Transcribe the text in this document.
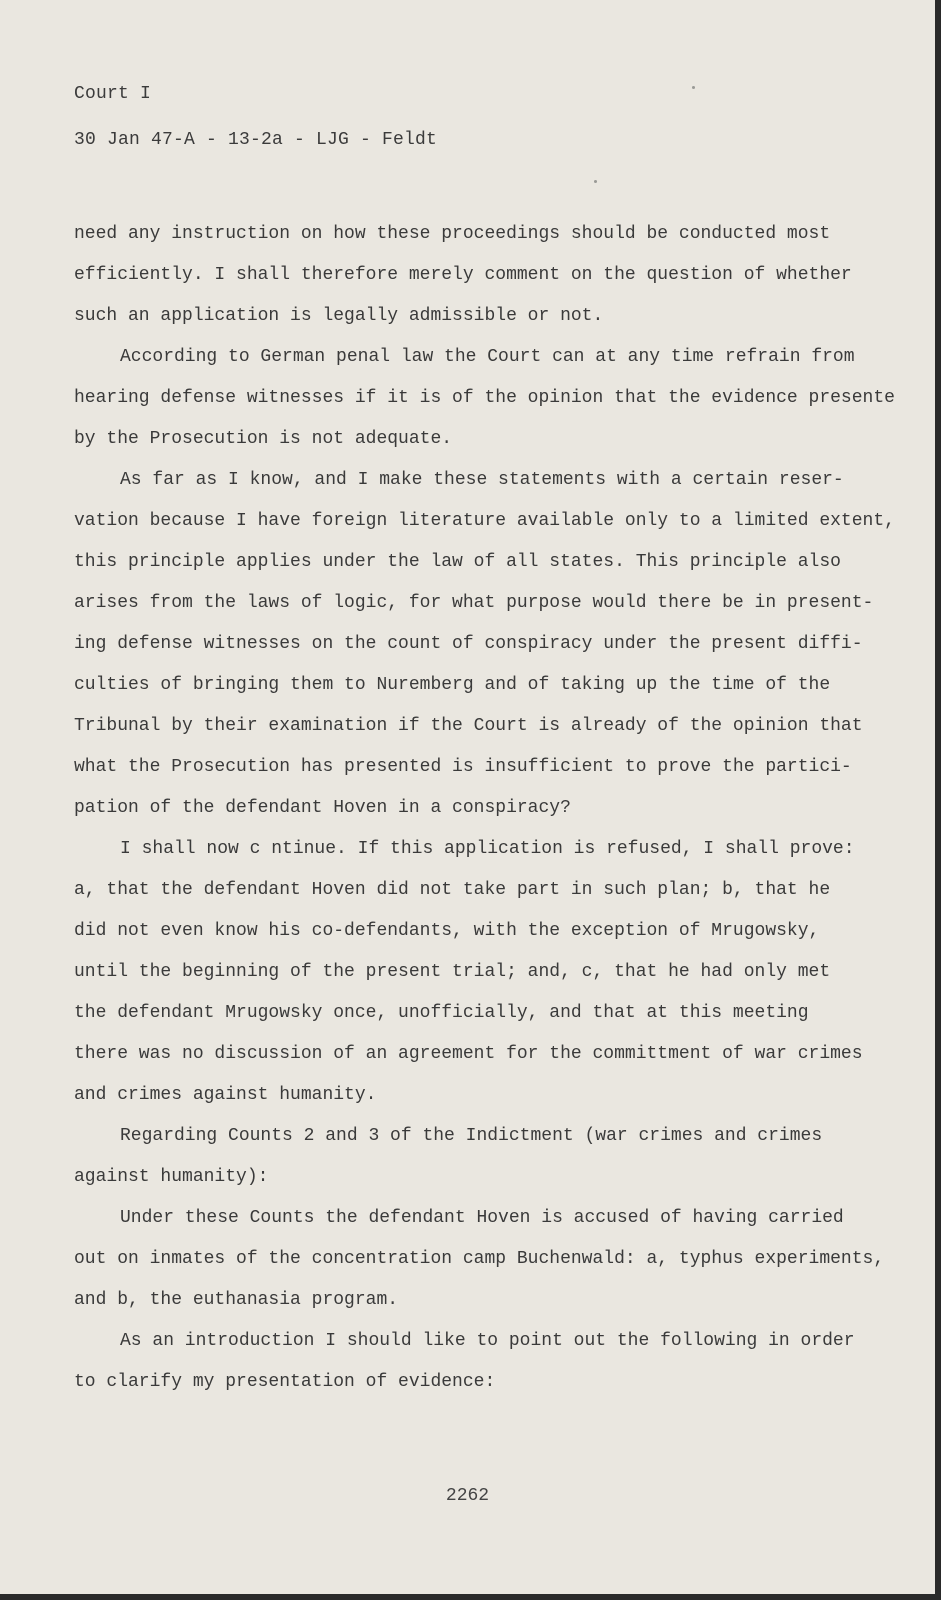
Court I
30 Jan 47-A - 13-2a - LJG - Feldt
need any instruction on how these proceedings should be conducted most
efficiently. I shall therefore merely comment on the question of whether
such an application is legally admissible or not.
According to German penal law the Court can at any time refrain from
hearing defense witnesses if it is of the opinion that the evidence presente
by the Prosecution is not adequate.
As far as I know, and I make these statements with a certain reser-
vation because I have foreign literature available only to a limited extent,
this principle applies under the law of all states. This principle also
arises from the laws of logic, for what purpose would there be in present-
ing defense witnesses on the count of conspiracy under the present diffi-
culties of bringing them to Nuremberg and of taking up the time of the
Tribunal by their examination if the Court is already of the opinion that
what the Prosecution has presented is insufficient to prove the partici-
pation of the defendant Hoven in a conspiracy?
I shall now c ntinue. If this application is refused, I shall prove:
a, that the defendant Hoven did not take part in such plan; b, that he
did not even know his co-defendants, with the exception of Mrugowsky,
until the beginning of the present trial; and, c, that he had only met
the defendant Mrugowsky once, unofficially, and that at this meeting
there was no discussion of an agreement for the committment of war crimes
and crimes against humanity.
Regarding Counts 2 and 3 of the Indictment (war crimes and crimes
against humanity):
Under these Counts the defendant Hoven is accused of having carried
out on inmates of the concentration camp Buchenwald: a, typhus experiments,
and b, the euthanasia program.
As an introduction I should like to point out the following in order
to clarify my presentation of evidence:
2262
